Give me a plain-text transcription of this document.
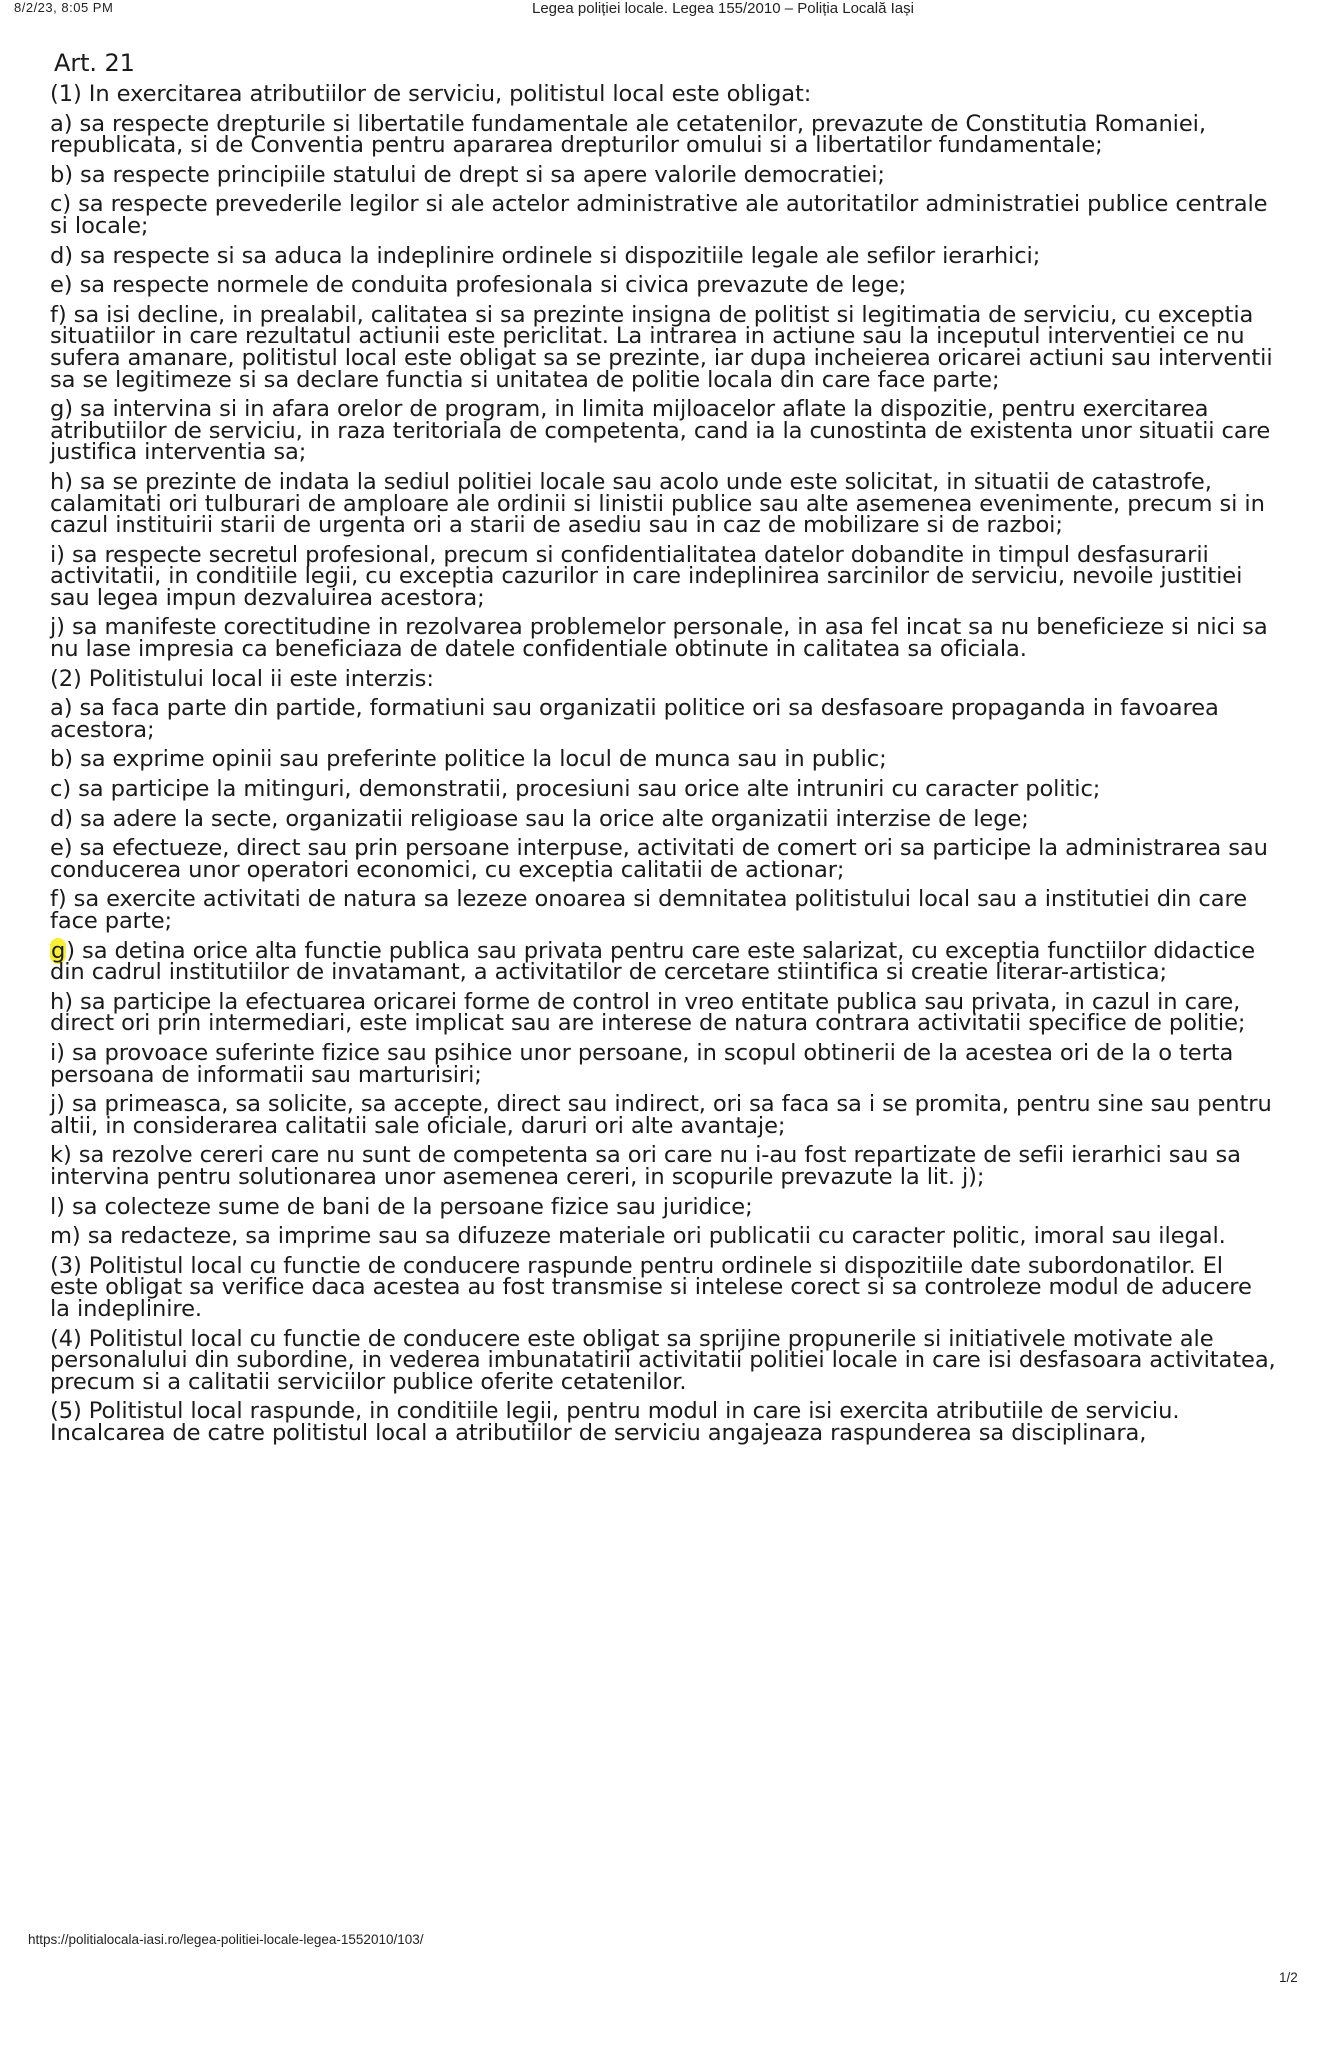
8/2/23, 8:05 PM	Legea poliției locale. Legea 155/2010 – Poliția Locală Iași
Art. 21

(1) In exercitarea atributiilor de serviciu, politistul local este obligat:

a) sa respecte drepturile si libertatile fundamentale ale cetatenilor, prevazute de Constitutia Romaniei, republicata, si de Conventia pentru apararea drepturilor omului si a libertatilor fundamentale;

b) sa respecte principiile statului de drept si sa apere valorile democratiei;

c) sa respecte prevederile legilor si ale actelor administrative ale autoritatilor administratiei publice centrale si locale;

d) sa respecte si sa aduca la indeplinire ordinele si dispozitiile legale ale sefilor ierarhici;

e) sa respecte normele de conduita profesionala si civica prevazute de lege;

f) sa isi decline, in prealabil, calitatea si sa prezinte insigna de politist si legitimatia de serviciu, cu exceptia situatiilor in care rezultatul actiunii este periclitat. La intrarea in actiune sau la inceputul interventiei ce nu sufera amanare, politistul local este obligat sa se prezinte, iar dupa incheierea oricarei actiuni sau interventii sa se legitimeze si sa declare functia si unitatea de politie locala din care face parte;

g) sa intervina si in afara orelor de program, in limita mijloacelor aflate la dispozitie, pentru exercitarea atributiilor de serviciu, in raza teritoriala de competenta, cand ia la cunostinta de existenta unor situatii care justifica interventia sa;

h) sa se prezinte de indata la sediul politiei locale sau acolo unde este solicitat, in situatii de catastrofe, calamitati ori tulburari de amploare ale ordinii si linistii publice sau alte asemenea evenimente, precum si in cazul instituirii starii de urgenta ori a starii de asediu sau in caz de mobilizare si de razboi;

i) sa respecte secretul profesional, precum si confidentialitatea datelor dobandite in timpul desfasurarii activitatii, in conditiile legii, cu exceptia cazurilor in care indeplinirea sarcinilor de serviciu, nevoile justitiei sau legea impun dezvaluirea acestora;

j) sa manifeste corectitudine in rezolvarea problemelor personale, in asa fel incat sa nu beneficieze si nici sa nu lase impresia ca beneficiaza de datele confidentiale obtinute in calitatea sa oficiala.

(2) Politistului local ii este interzis:

a) sa faca parte din partide, formatiuni sau organizatii politice ori sa desfasoare propaganda in favoarea acestora;

b) sa exprime opinii sau preferinte politice la locul de munca sau in public;

c) sa participe la mitinguri, demonstratii, procesiuni sau orice alte intruniri cu caracter politic;

d) sa adere la secte, organizatii religioase sau la orice alte organizatii interzise de lege;

e) sa efectueze, direct sau prin persoane interpuse, activitati de comert ori sa participe la administrarea sau conducerea unor operatori economici, cu exceptia calitatii de actionar;

f) sa exercite activitati de natura sa lezeze onoarea si demnitatea politistului local sau a institutiei din care face parte;

g) sa detina orice alta functie publica sau privata pentru care este salarizat, cu exceptia functiilor didactice din cadrul institutiilor de invatamant, a activitatilor de cercetare stiintifica si creatie literar-artistica;

h) sa participe la efectuarea oricarei forme de control in vreo entitate publica sau privata, in cazul in care, direct ori prin intermediari, este implicat sau are interese de natura contrara activitatii specifice de politie;

i) sa provoace suferinte fizice sau psihice unor persoane, in scopul obtinerii de la acestea ori de la o terta persoana de informatii sau marturisiri;

j) sa primeasca, sa solicite, sa accepte, direct sau indirect, ori sa faca sa i se promita, pentru sine sau pentru altii, in considerarea calitatii sale oficiale, daruri ori alte avantaje;

k) sa rezolve cereri care nu sunt de competenta sa ori care nu i-au fost repartizate de sefii ierarhici sau sa intervina pentru solutionarea unor asemenea cereri, in scopurile prevazute la lit. j);

l) sa colecteze sume de bani de la persoane fizice sau juridice;

m) sa redacteze, sa imprime sau sa difuzeze materiale ori publicatii cu caracter politic, imoral sau ilegal.

(3) Politistul local cu functie de conducere raspunde pentru ordinele si dispozitiile date subordonatilor. El este obligat sa verifice daca acestea au fost transmise si intelese corect si sa controleze modul de aducere la indeplinire.

(4) Politistul local cu functie de conducere este obligat sa sprijine propunerile si initiativele motivate ale personalului din subordine, in vederea imbunatatirii activitatii politiei locale in care isi desfasoara activitatea, precum si a calitatii serviciilor publice oferite cetatenilor.

(5) Politistul local raspunde, in conditiile legii, pentru modul in care isi exercita atributiile de serviciu. Incalcarea de catre politistul local a atributiilor de serviciu angajeaza raspunderea sa disciplinara,

https://politialocala-iasi.ro/legea-politiei-locale-legea-1552010/103/
1/2
